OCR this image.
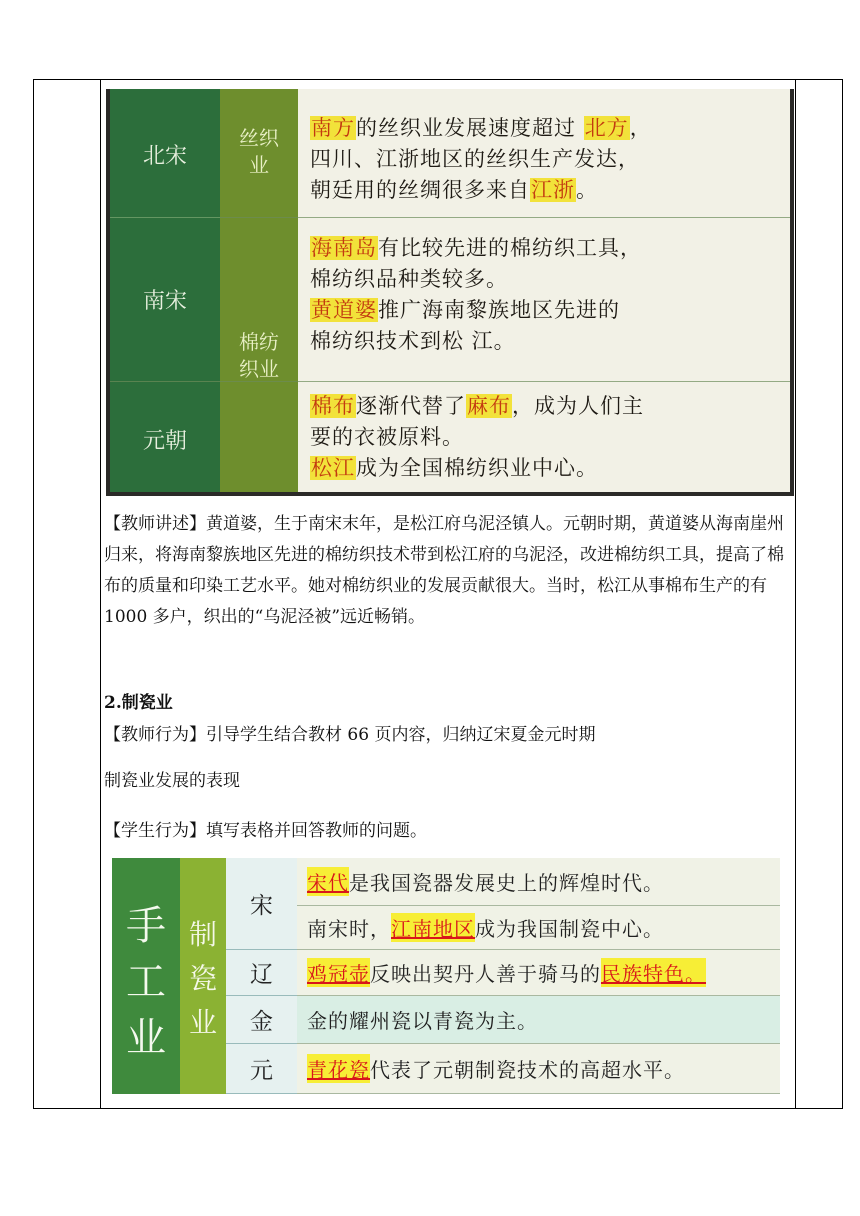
北宋
南宋
元朝
丝织
业
棉纺
织业
南方的丝织业发展速度超过 北方，
四川、江浙地区的丝织生产发达，
朝廷用的丝绸很多来自江浙。
海南岛有比较先进的棉纺织工具，
棉纺织品种类较多。
黄道婆推广海南黎族地区先进的
棉纺织技术到松 江。
棉布逐渐代替了麻布，成为人们主
要的衣被原料。
松江成为全国棉纺织业中心。
【教师讲述】黄道婆，生于南宋末年，是松江府乌泥泾镇人。元朝时期，黄道婆从海南崖州归来，将海南黎族地区先进的棉纺织技术带到松江府的乌泥泾，改进棉纺织工具，提高了棉布的质量和印染工艺水平。她对棉纺织业的发展贡献很大。当时，松江从事棉布生产的有 1000 多户，织出的“乌泥泾被”远近畅销。
2.制瓷业
【教师行为】引导学生结合教材 66 页内容，归纳辽宋夏金元时期
制瓷业发展的表现
【学生行为】填写表格并回答教师的问题。
手
工
业
制
瓷
业
宋
辽
金
元
宋代 是我国瓷器发展史上的辉煌时代。
南宋时， 江南地区 成为我国制瓷中心。
鸡冠壶 反映出契丹人善于骑马的 民族特色。
金的耀州瓷以青瓷为主。
青花瓷 代表了元朝制瓷技术的高超水平。
